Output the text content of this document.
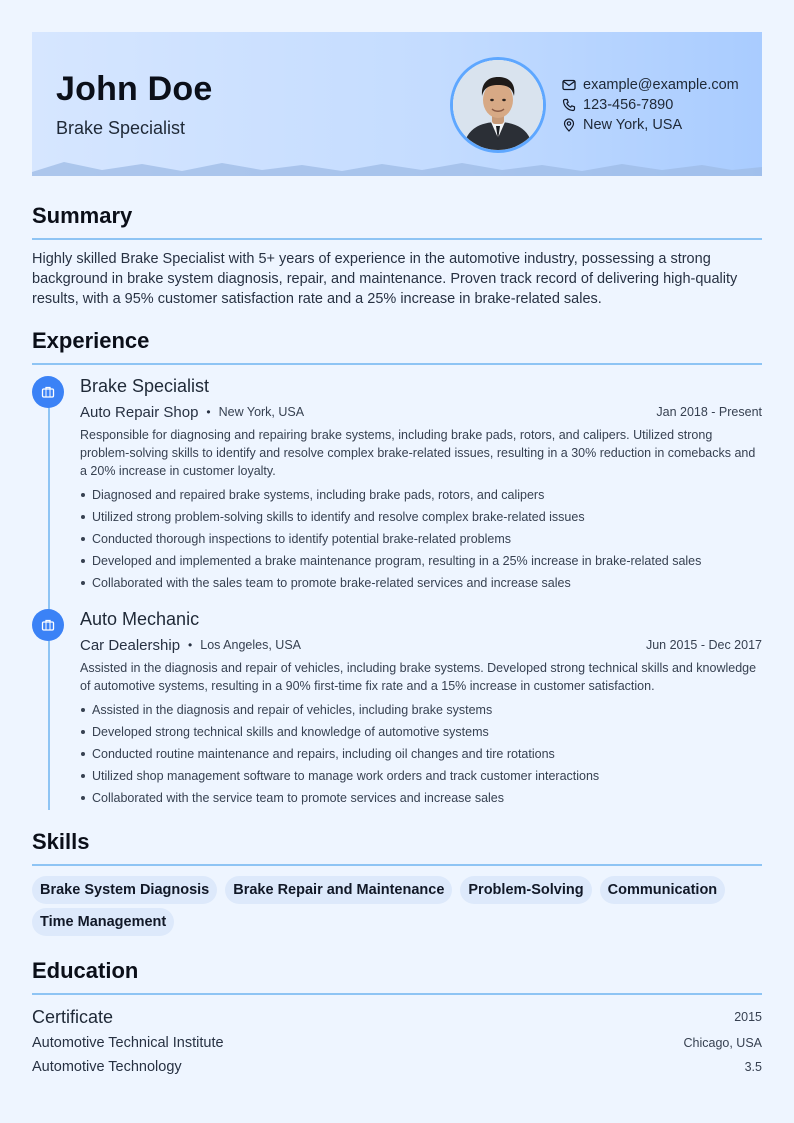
John Doe
Brake Specialist
example@example.com
123-456-7890
New York, USA
Summary
Highly skilled Brake Specialist with 5+ years of experience in the automotive industry, possessing a strong background in brake system diagnosis, repair, and maintenance. Proven track record of delivering high-quality results, with a 95% customer satisfaction rate and a 25% increase in brake-related sales.
Experience
Brake Specialist
Auto Repair Shop • New York, USA	Jan 2018 - Present
Responsible for diagnosing and repairing brake systems, including brake pads, rotors, and calipers. Utilized strong problem-solving skills to identify and resolve complex brake-related issues, resulting in a 30% reduction in comebacks and a 20% increase in customer loyalty.
Diagnosed and repaired brake systems, including brake pads, rotors, and calipers
Utilized strong problem-solving skills to identify and resolve complex brake-related issues
Conducted thorough inspections to identify potential brake-related problems
Developed and implemented a brake maintenance program, resulting in a 25% increase in brake-related sales
Collaborated with the sales team to promote brake-related services and increase sales
Auto Mechanic
Car Dealership • Los Angeles, USA	Jun 2015 - Dec 2017
Assisted in the diagnosis and repair of vehicles, including brake systems. Developed strong technical skills and knowledge of automotive systems, resulting in a 90% first-time fix rate and a 15% increase in customer satisfaction.
Assisted in the diagnosis and repair of vehicles, including brake systems
Developed strong technical skills and knowledge of automotive systems
Conducted routine maintenance and repairs, including oil changes and tire rotations
Utilized shop management software to manage work orders and track customer interactions
Collaborated with the service team to promote services and increase sales
Skills
Brake System Diagnosis	Brake Repair and Maintenance	Problem-Solving	Communication
Time Management
Education
Certificate	2015
Automotive Technical Institute	Chicago, USA
Automotive Technology	3.5
